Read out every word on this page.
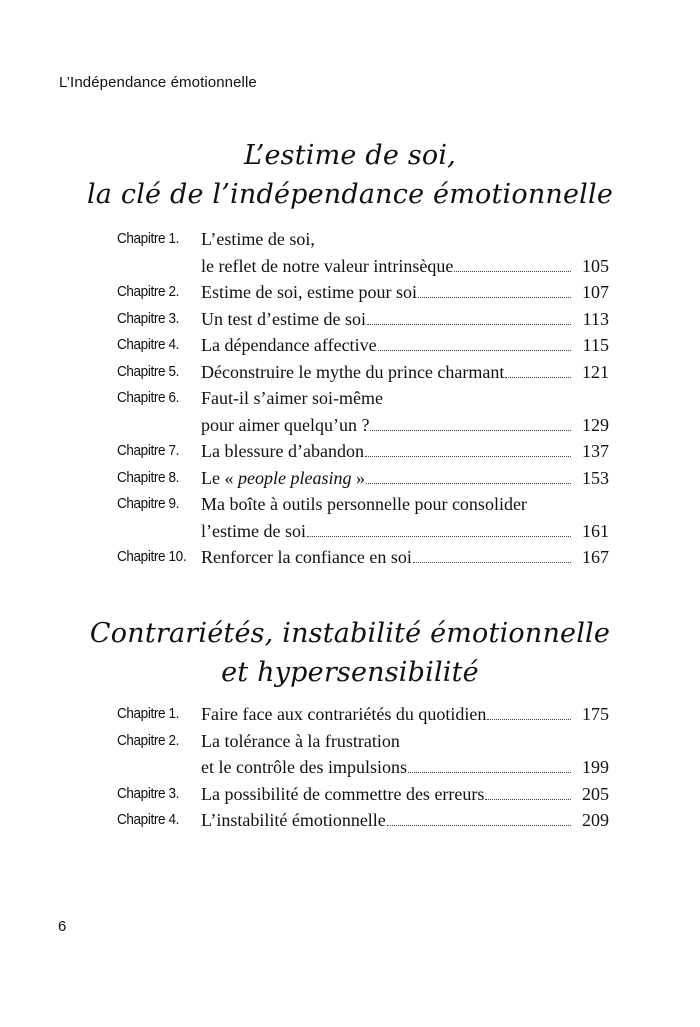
L’Indépendance émotionnelle
L’estime de soi,
la clé de l’indépendance émotionnelle
Chapitre 1.	L’estime de soi,
le reflet de notre valeur intrinsèque	105
Chapitre 2.	Estime de soi, estime pour soi	107
Chapitre 3.	Un test d’estime de soi	113
Chapitre 4.	La dépendance affective	115
Chapitre 5.	Déconstruire le mythe du prince charmant	121
Chapitre 6.	Faut-il s’aimer soi-même
pour aimer quelqu’un ?	129
Chapitre 7.	La blessure d’abandon	137
Chapitre 8.	Le « people pleasing »	153
Chapitre 9.	Ma boîte à outils personnelle pour consolider
l’estime de soi	161
Chapitre 10. Renforcer la confiance en soi	167
Contrariétés, instabilité émotionnelle
et hypersensibilité
Chapitre 1.	Faire face aux contrariétés du quotidien	175
Chapitre 2.	La tolérance à la frustration
et le contrôle des impulsions	199
Chapitre 3.	La possibilité de commettre des erreurs	205
Chapitre 4.	L’instabilité émotionnelle	209
6
